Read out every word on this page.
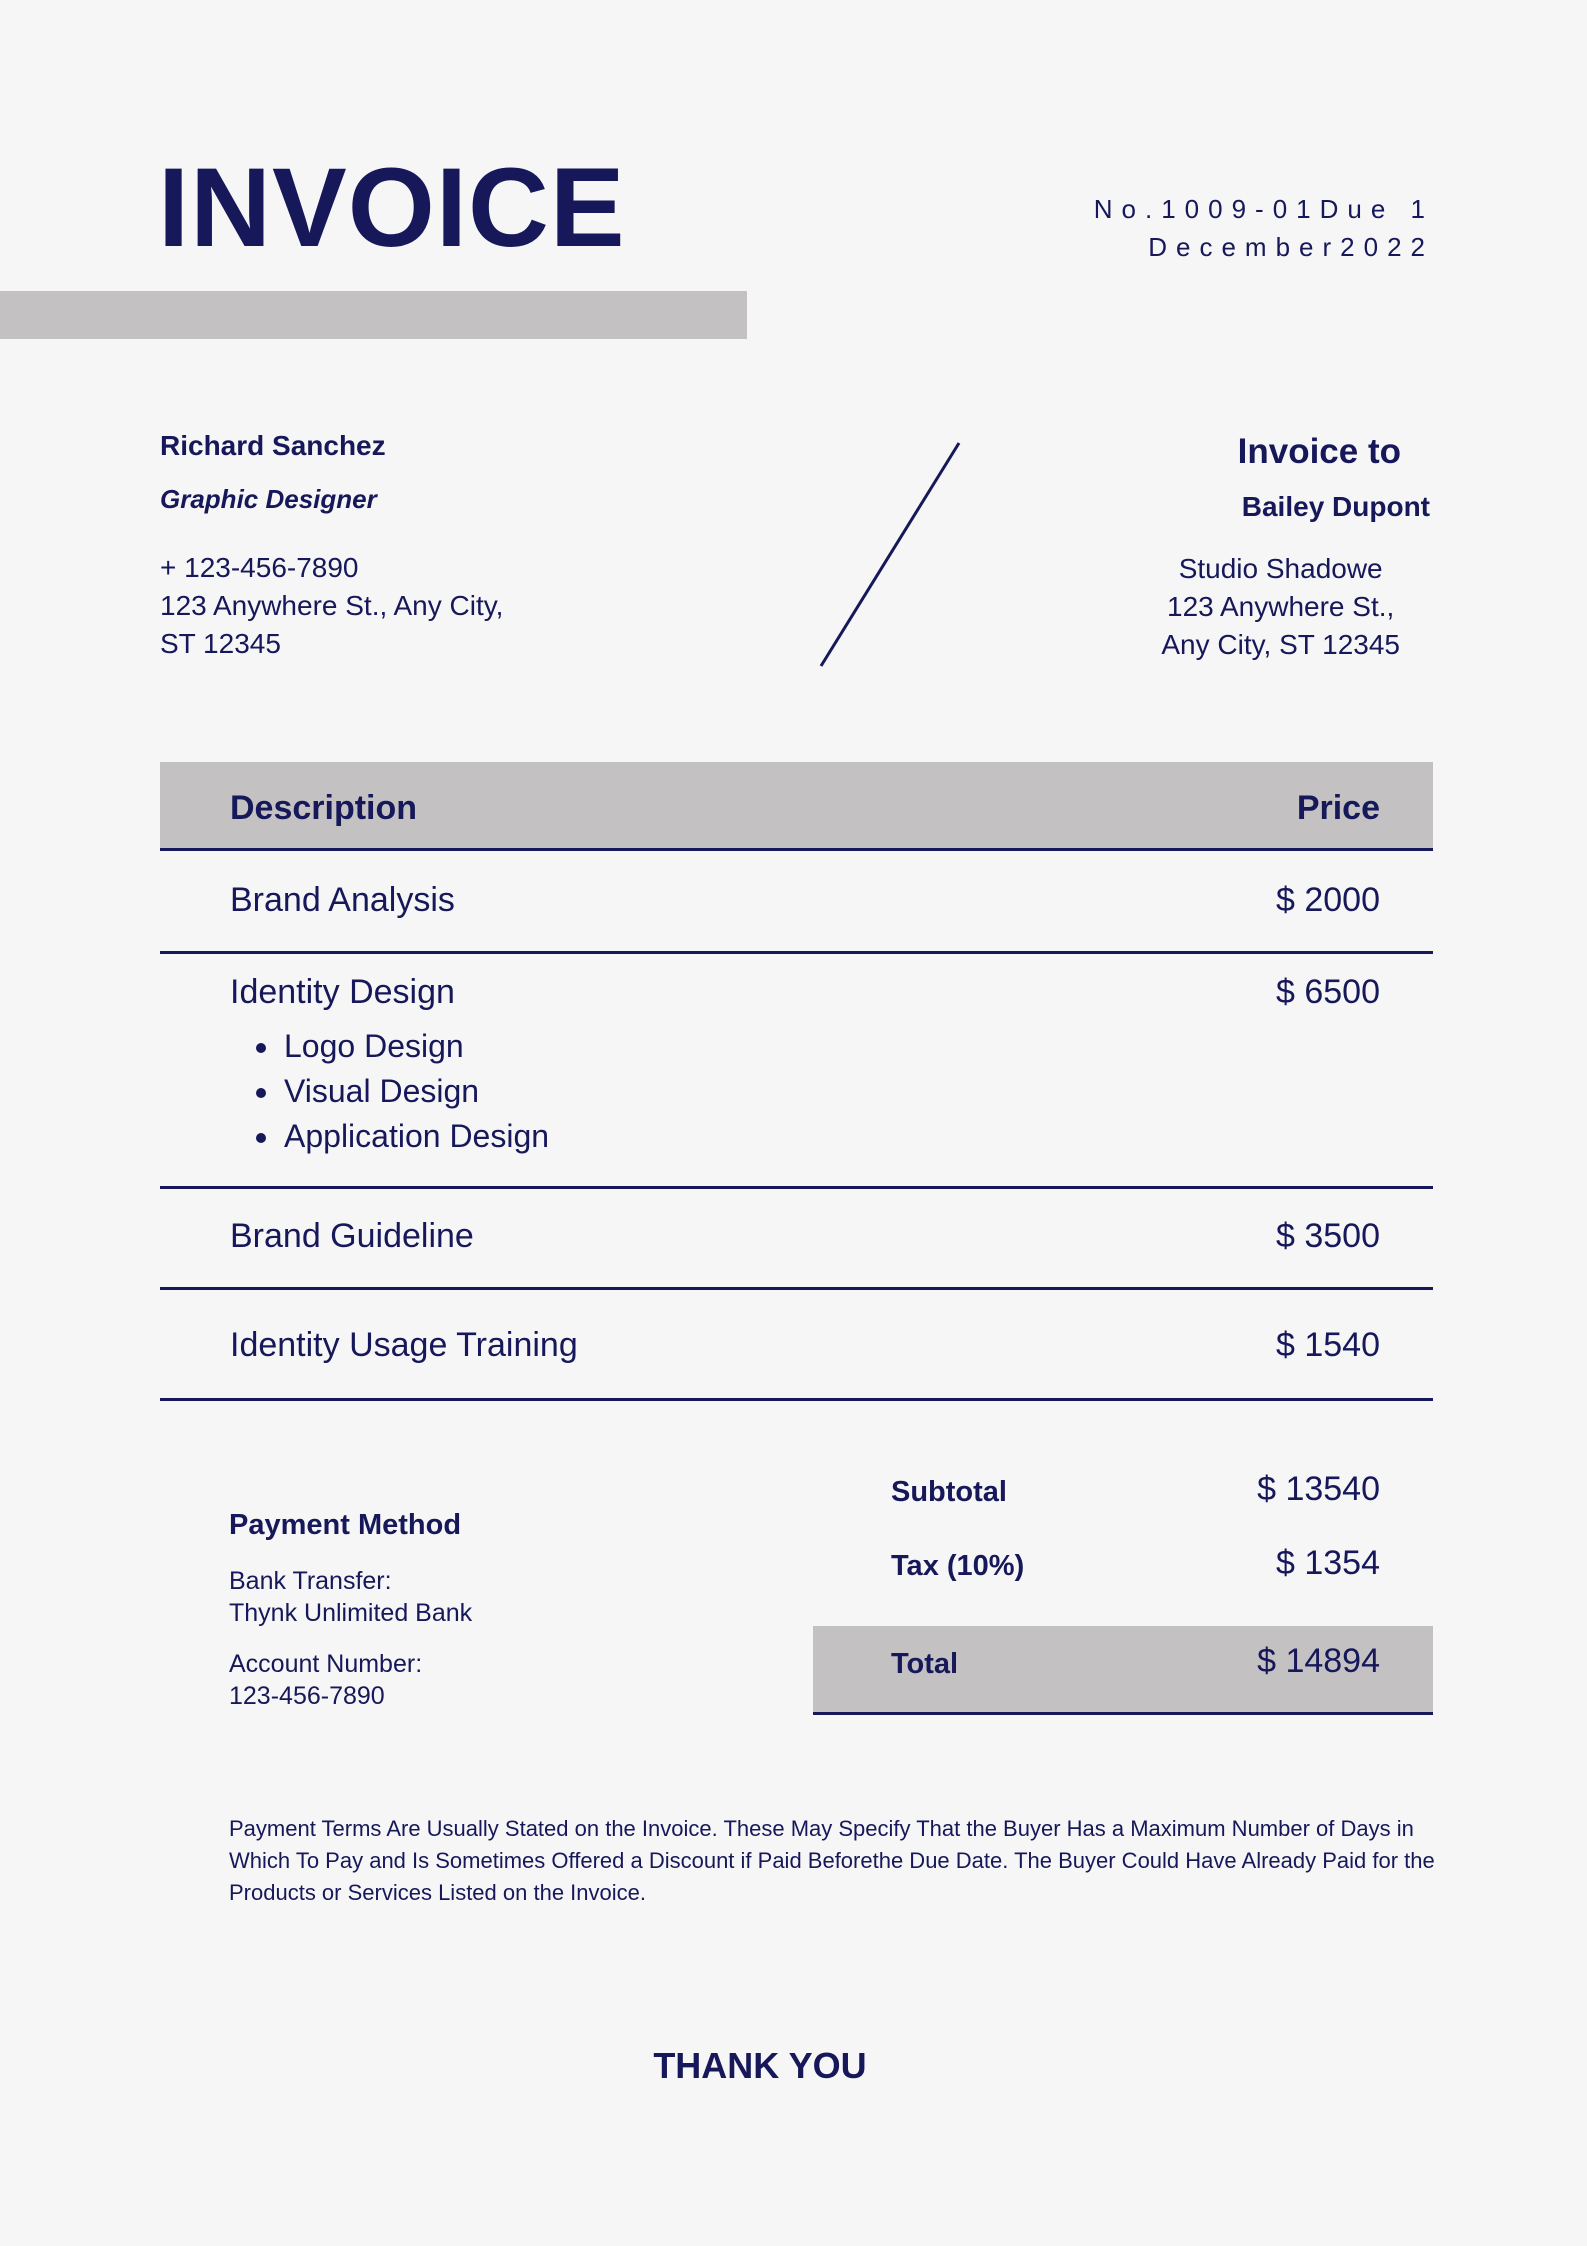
INVOICE	No.1009-01Due 1
December2022
Richard Sanchez
Graphic Designer
+ 123-456-7890
123 Anywhere St., Any City,
ST 12345
Invoice to
Bailey Dupont
Studio Shadowe
123 Anywhere St.,
Any City, ST 12345
Description	Price
Brand Analysis	$ 2000
Identity Design	$ 6500
• Logo Design
• Visual Design
• Application Design
Brand Guideline	$ 3500
Identity Usage Training	$ 1540
Payment Method
Bank Transfer:
Thynk Unlimited Bank
Account Number:
123-456-7890
Subtotal	$ 13540
Tax (10%)	$ 1354
Total	$ 14894
Payment Terms Are Usually Stated on the Invoice. These May Specify That the Buyer Has a Maximum Number of Days in Which To Pay and Is Sometimes Offered a Discount if Paid Beforethe Due Date. The Buyer Could Have Already Paid for the Products or Services Listed on the Invoice.
THANK YOU
